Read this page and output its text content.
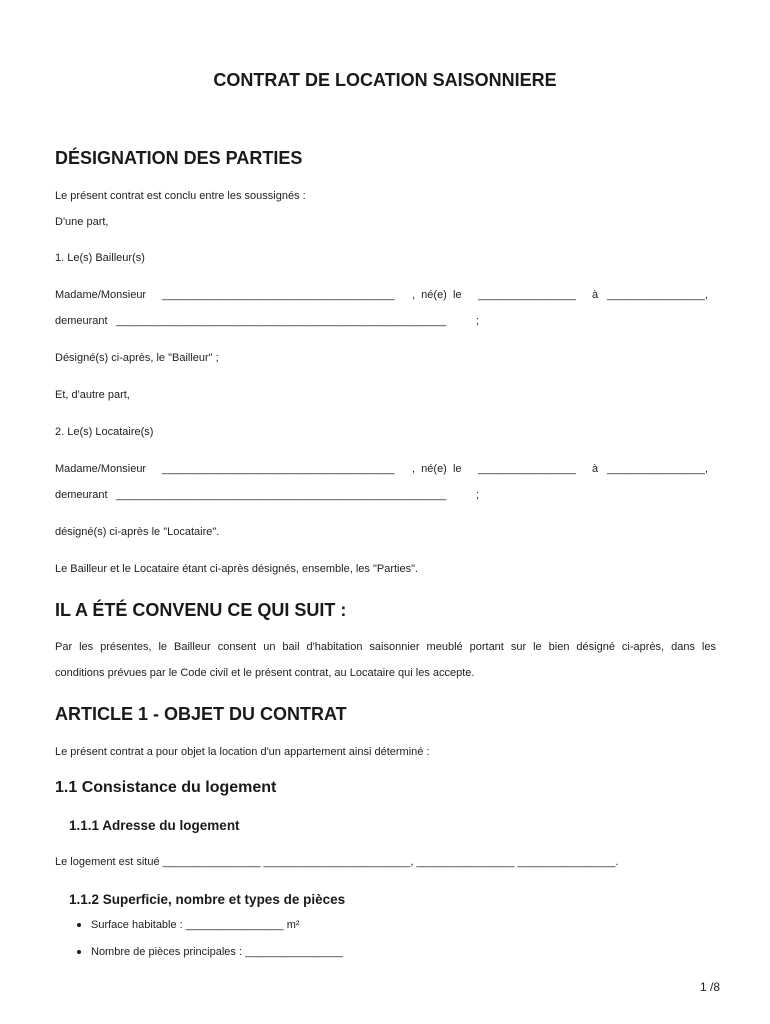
CONTRAT DE LOCATION SAISONNIERE
DÉSIGNATION DES PARTIES
Le présent contrat est conclu entre les soussignés :
D'une part,
1. Le(s) Bailleur(s)
Madame/Monsieur ______________________________________ ,  né(e)  le ________________ à ________________,
demeurant ______________________________________________________	;
Désigné(s) ci-après, le "Bailleur" ;
Et, d'autre part,
2. Le(s) Locataire(s)
Madame/Monsieur ______________________________________ ,  né(e)  le ________________ à ________________,
demeurant ______________________________________________________	;
désigné(s) ci-après le "Locataire".
Le Bailleur et le Locataire étant ci-après désignés, ensemble, les "Parties".
IL A ÉTÉ CONVENU CE QUI SUIT :
Par les présentes, le Bailleur consent un bail d'habitation saisonnier meublé portant sur le bien désigné ci-après, dans les
conditions prévues par le Code civil et le présent contrat, au Locataire qui les accepte.
ARTICLE 1 - OBJET DU CONTRAT
Le présent contrat a pour objet la location d'un appartement ainsi déterminé :
1.1 Consistance du logement
1.1.1 Adresse du logement
Le logement est situé ________________ ________________________, ________________ ________________.
1.1.2 Superficie, nombre et types de pièces
Surface habitable : ________________ m²
Nombre de pièces principales : ________________
1 /8
